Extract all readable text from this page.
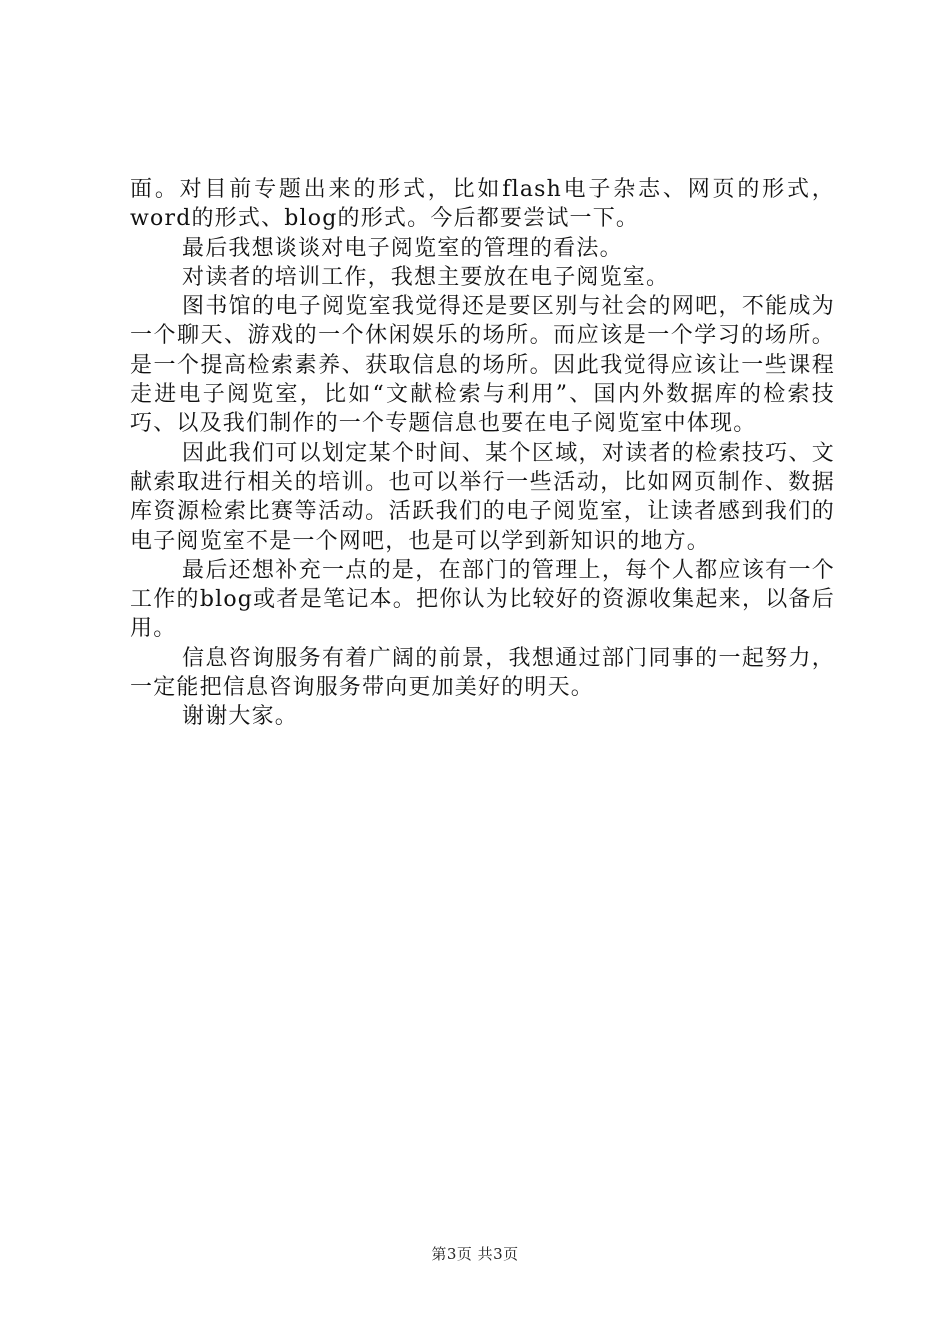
面。对目前专题出来的形式，比如flash电子杂志、网页的形式，word的形式、blog的形式。今后都要尝试一下。

最后我想谈谈对电子阅览室的管理的看法。

对读者的培训工作，我想主要放在电子阅览室。

图书馆的电子阅览室我觉得还是要区别与社会的网吧，不能成为一个聊天、游戏的一个休闲娱乐的场所。而应该是一个学习的场所。是一个提高检索素养、获取信息的场所。因此我觉得应该让一些课程走进电子阅览室，比如“文献检索与利用”、国内外数据库的检索技巧、以及我们制作的一个专题信息也要在电子阅览室中体现。

因此我们可以划定某个时间、某个区域，对读者的检索技巧、文献索取进行相关的培训。也可以举行一些活动，比如网页制作、数据库资源检索比赛等活动。活跃我们的电子阅览室，让读者感到我们的电子阅览室不是一个网吧，也是可以学到新知识的地方。

最后还想补充一点的是，在部门的管理上，每个人都应该有一个工作的blog或者是笔记本。把你认为比较好的资源收集起来，以备后用。

信息咨询服务有着广阔的前景，我想通过部门同事的一起努力，一定能把信息咨询服务带向更加美好的明天。

谢谢大家。

第3页 共3页
